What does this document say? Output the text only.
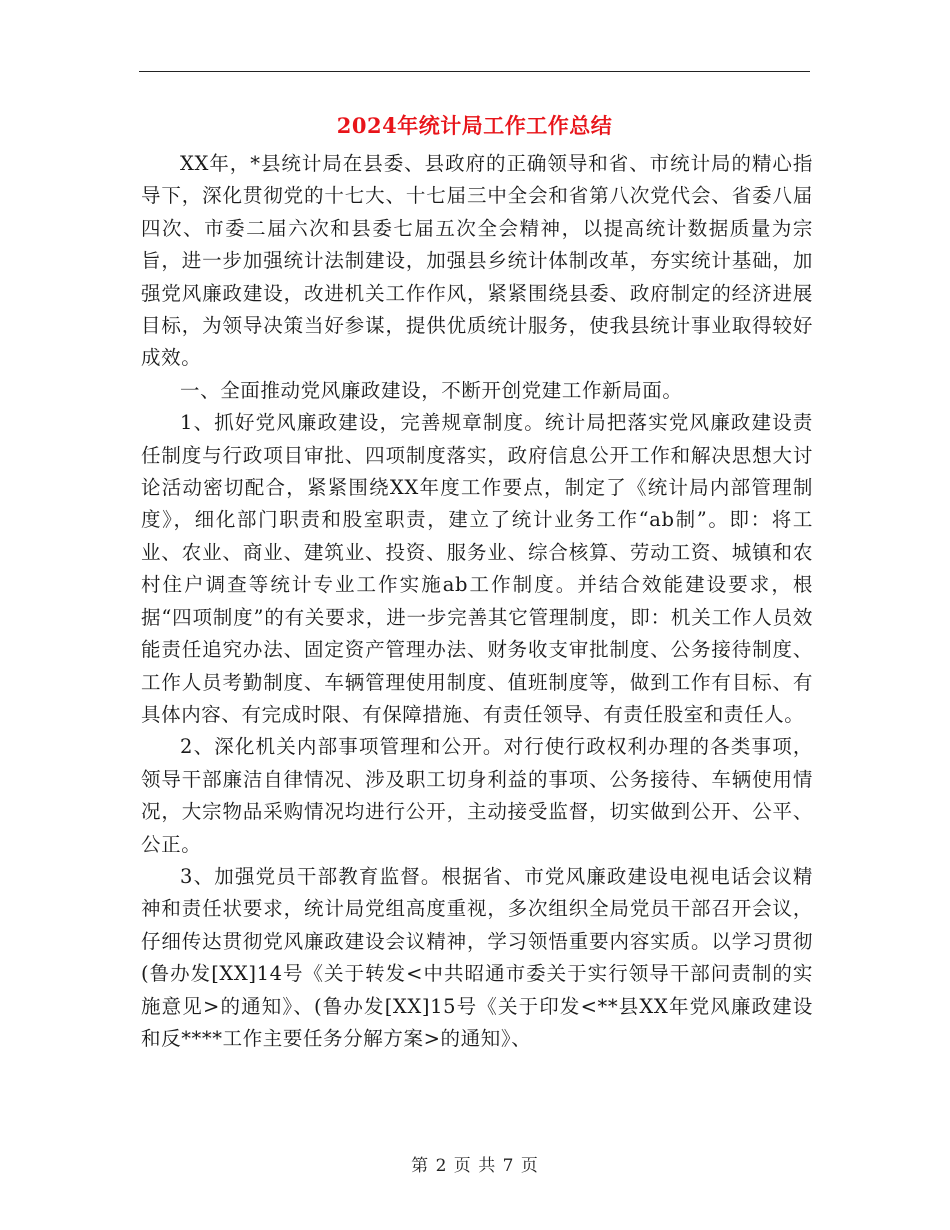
2024年统计局工作工作总结

XX年，*县统计局在县委、县政府的正确领导和省、市统计局的精心指导下，深化贯彻党的十七大、十七届三中全会和省第八次党代会、省委八届四次、市委二届六次和县委七届五次全会精神，以提高统计数据质量为宗旨，进一步加强统计法制建设，加强县乡统计体制改革，夯实统计基础，加强党风廉政建设，改进机关工作作风，紧紧围绕县委、政府制定的经济进展目标，为领导决策当好参谋，提供优质统计服务，使我县统计事业取得较好成效。

一、全面推动党风廉政建设，不断开创党建工作新局面。

1、抓好党风廉政建设，完善规章制度。统计局把落实党风廉政建设责任制度与行政项目审批、四项制度落实，政府信息公开工作和解决思想大讨论活动密切配合，紧紧围绕XX年度工作要点，制定了《统计局内部管理制度》，细化部门职责和股室职责，建立了统计业务工作“ab制”。即：将工业、农业、商业、建筑业、投资、服务业、综合核算、劳动工资、城镇和农村住户调查等统计专业工作实施ab工作制度。并结合效能建设要求，根据“四项制度”的有关要求，进一步完善其它管理制度，即：机关工作人员效能责任追究办法、固定资产管理办法、财务收支审批制度、公务接待制度、工作人员考勤制度、车辆管理使用制度、值班制度等，做到工作有目标、有具体内容、有完成时限、有保障措施、有责任领导、有责任股室和责任人。

2、深化机关内部事项管理和公开。对行使行政权利办理的各类事项，领导干部廉洁自律情况、涉及职工切身利益的事项、公务接待、车辆使用情况，大宗物品采购情况均进行公开，主动接受监督，切实做到公开、公平、公正。

3、加强党员干部教育监督。根据省、市党风廉政建设电视电话会议精神和责任状要求，统计局党组高度重视，多次组织全局党员干部召开会议，仔细传达贯彻党风廉政建设会议精神，学习领悟重要内容实质。以学习贯彻(鲁办发[XX]14号《关于转发<中共昭通市委关于实行领导干部问责制的实施意见>的通知》、(鲁办发[XX]15号《关于印发<**县XX年党风廉政建设和反****工作主要任务分解方案>的通知》、

第 2 页 共 7 页
